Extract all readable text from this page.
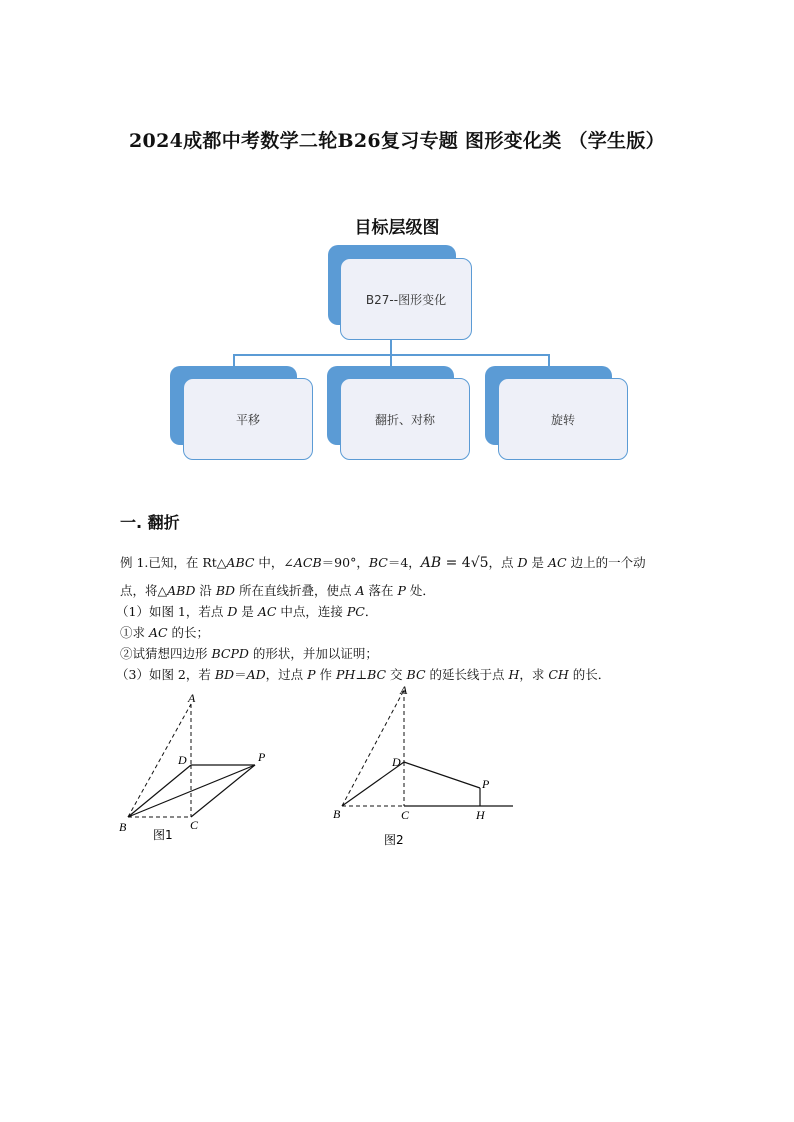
2024成都中考数学二轮B26复习专题 图形变化类 （学生版）
目标层级图
B27--图形变化
平移	翻折、对称	旋转
一. 翻折
例 1.已知，在 Rt△ABC 中，∠ACB＝90°，BC＝4，AB = 4√5，点 D 是 AC 边上的一个动
点，将△ABD 沿 BD 所在直线折叠，使点 A 落在 P 处．
（1）如图 1，若点 D 是 AC 中点，连接 PC．
①求 AC 的长；
②试猜想四边形 BCPD 的形状，并加以证明；
（3）如图 2，若 BD＝AD，过点 P 作 PH⊥BC 交 BC 的延长线于点 H，求 CH 的长．
A
D	P
B	C
图1
A
D
P
B	C	H
图2
